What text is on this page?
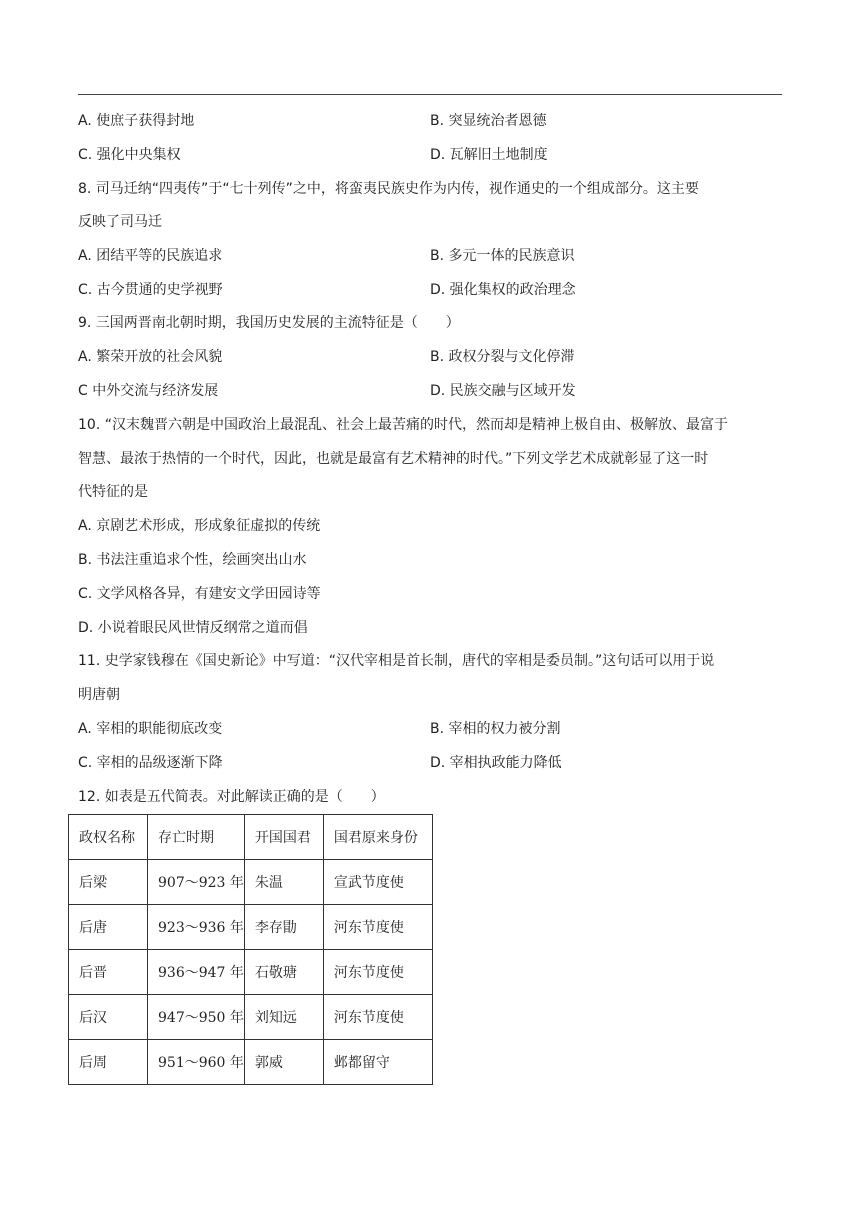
A. 使庶子获得封地	B. 突显统治者恩德
C. 强化中央集权	D. 瓦解旧土地制度
8. 司马迁纳“四夷传”于“七十列传”之中，将蛮夷民族史作为内传，视作通史的一个组成部分。这主要
反映了司马迁
A. 团结平等的民族追求	B. 多元一体的民族意识
C. 古今贯通的史学视野	D. 强化集权的政治理念
9. 三国两晋南北朝时期，我国历史发展的主流特征是（　　）
A. 繁荣开放的社会风貌	B. 政权分裂与文化停滞
C 中外交流与经济发展	D. 民族交融与区域开发
10. “汉末魏晋六朝是中国政治上最混乱、社会上最苦痛的时代，然而却是精神上极自由、极解放、最富于
智慧、最浓于热情的一个时代，因此，也就是最富有艺术精神的时代。”下列文学艺术成就彰显了这一时
代特征的是
A. 京剧艺术形成，形成象征虚拟的传统
B. 书法注重追求个性，绘画突出山水
C. 文学风格各异，有建安文学田园诗等
D. 小说着眼民风世情反纲常之道而倡
11. 史学家钱穆在《国史新论》中写道：“汉代宰相是首长制，唐代的宰相是委员制。”这句话可以用于说
明唐朝
A. 宰相的职能彻底改变	B. 宰相的权力被分割
C. 宰相的品级逐渐下降	D. 宰相执政能力降低
12. 如表是五代简表。对此解读正确的是（　　）
政权名称	存亡时期	开国国君	国君原来身份
后梁	907～923 年	朱温	宣武节度使
后唐	923～936 年	李存勖	河东节度使
后晋	936～947 年	石敬瑭	河东节度使
后汉	947～950 年	刘知远	河东节度使
后周	951～960 年	郭威	邺都留守
